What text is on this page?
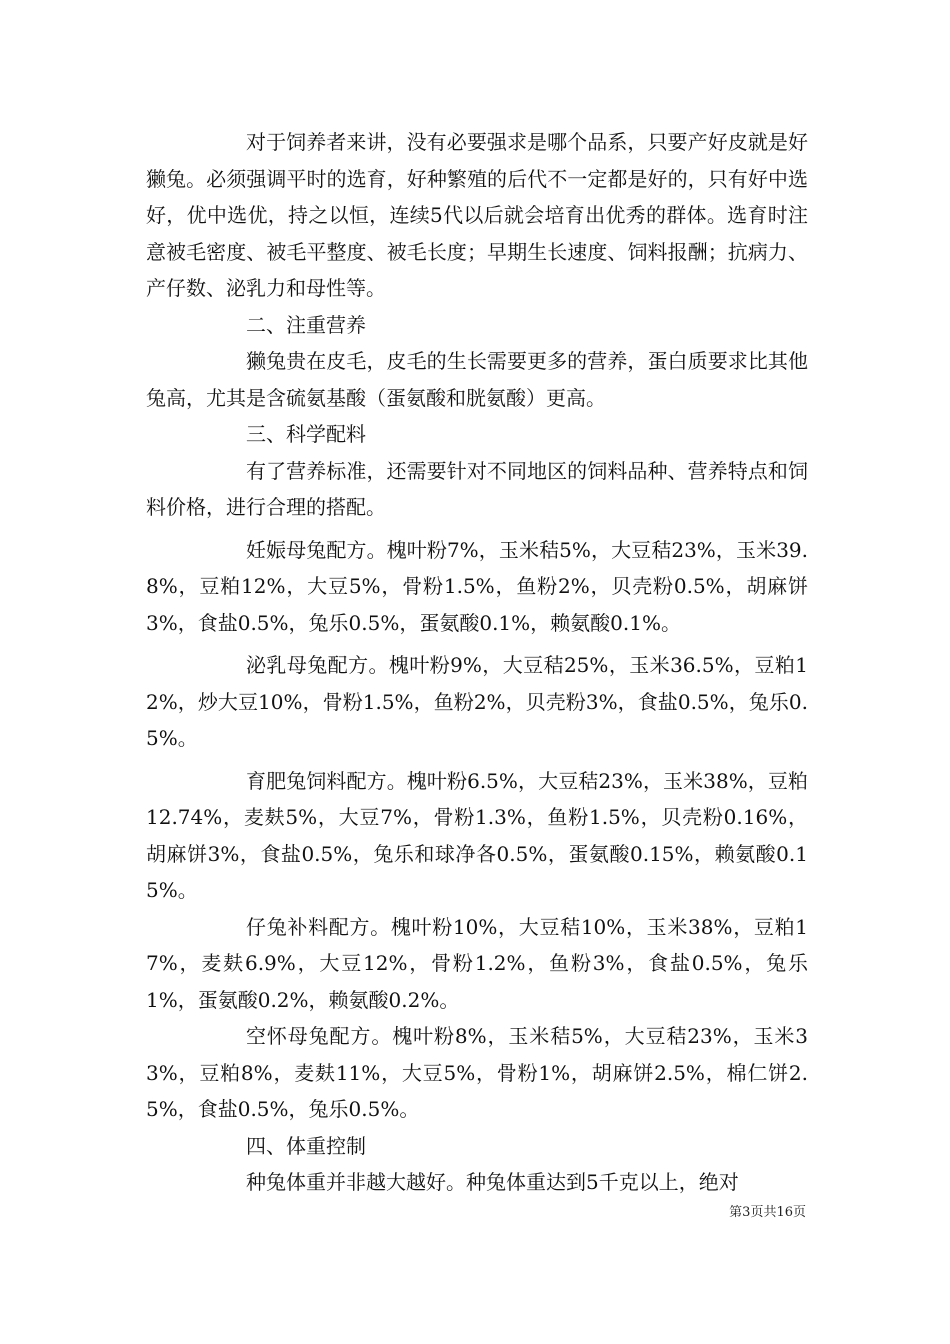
对于饲养者来讲，没有必要强求是哪个品系，只要产好皮就是好獭兔。必须强调平时的选育，好种繁殖的后代不一定都是好的，只有好中选好，优中选优，持之以恒，连续5代以后就会培育出优秀的群体。选育时注意被毛密度、被毛平整度、被毛长度；早期生长速度、饲料报酬；抗病力、产仔数、泌乳力和母性等。

二、注重营养

獭兔贵在皮毛，皮毛的生长需要更多的营养，蛋白质要求比其他兔高，尤其是含硫氨基酸（蛋氨酸和胱氨酸）更高。

三、科学配料

有了营养标准，还需要针对不同地区的饲料品种、营养特点和饲料价格，进行合理的搭配。

妊娠母兔配方。槐叶粉7%，玉米秸5%，大豆秸23%，玉米39.8%，豆粕12%，大豆5%，骨粉1.5%，鱼粉2%，贝壳粉0.5%，胡麻饼3%，食盐0.5%，兔乐0.5%，蛋氨酸0.1%，赖氨酸0.1%。

泌乳母兔配方。槐叶粉9%，大豆秸25%，玉米36.5%，豆粕12%，炒大豆10%，骨粉1.5%，鱼粉2%，贝壳粉3%，食盐0.5%，兔乐0.5%。

育肥兔饲料配方。槐叶粉6.5%，大豆秸23%，玉米38%，豆粕12.74%，麦麸5%，大豆7%，骨粉1.3%，鱼粉1.5%，贝壳粉0.16%，胡麻饼3%，食盐0.5%，兔乐和球净各0.5%，蛋氨酸0.15%，赖氨酸0.15%。

仔兔补料配方。槐叶粉10%，大豆秸10%，玉米38%，豆粕17%，麦麸6.9%，大豆12%，骨粉1.2%，鱼粉3%，食盐0.5%，兔乐1%，蛋氨酸0.2%，赖氨酸0.2%。

空怀母兔配方。槐叶粉8%，玉米秸5%，大豆秸23%，玉米33%，豆粕8%，麦麸11%，大豆5%，骨粉1%，胡麻饼2.5%，棉仁饼2.5%，食盐0.5%，兔乐0.5%。

四、体重控制

种兔体重并非越大越好。种兔体重达到5千克以上，绝对

第3页共16页
